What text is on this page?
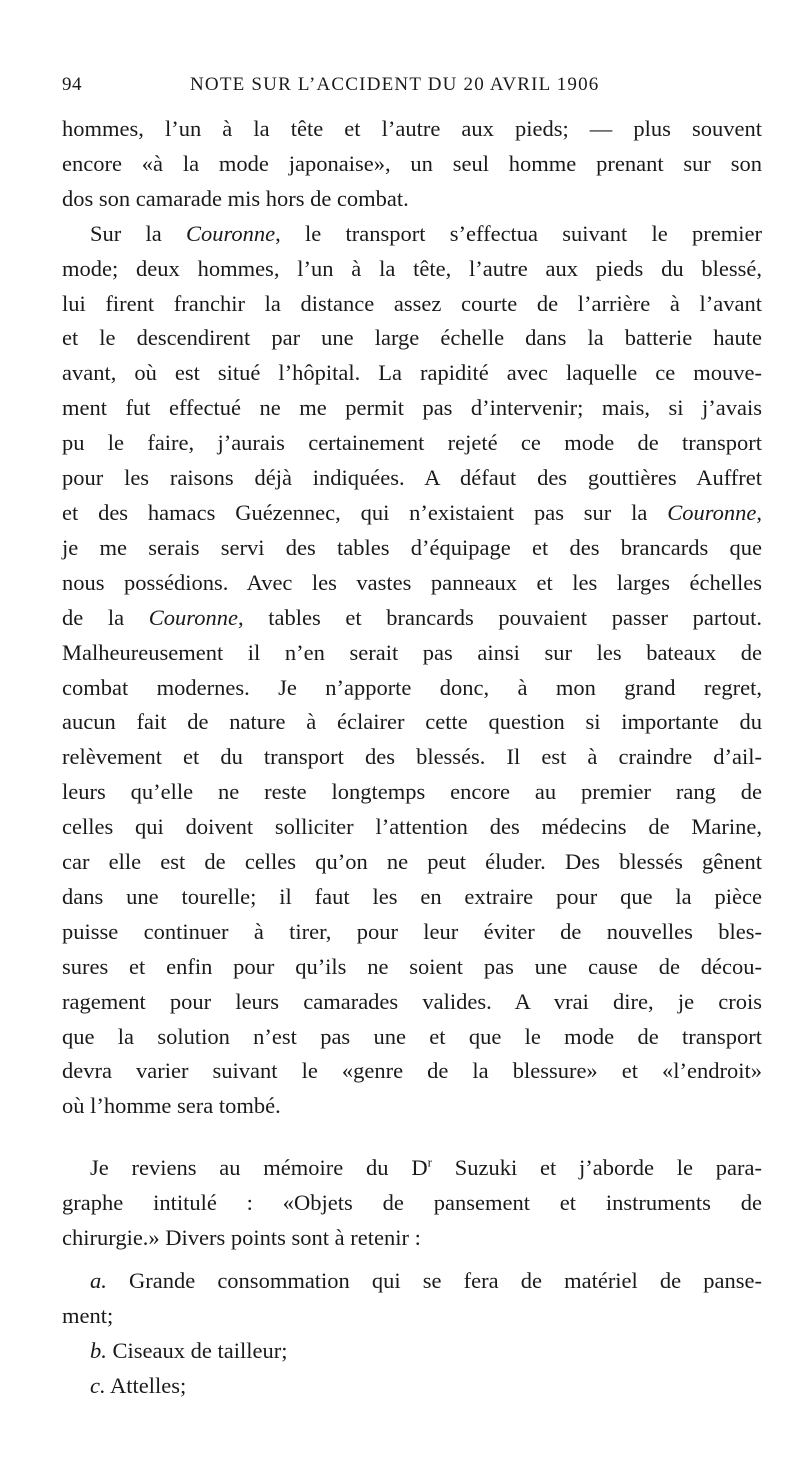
94	NOTE SUR L’ACCIDENT DU 20 AVRIL 1906

hommes, l’un à la tête et l’autre aux pieds; — plus souvent
encore «à la mode japonaise», un seul homme prenant sur son
dos son camarade mis hors de combat.

Sur la Couronne, le transport s’effectua suivant le premier
mode; deux hommes, l’un à la tête, l’autre aux pieds du blessé,
lui firent franchir la distance assez courte de l’arrière à l’avant
et le descendirent par une large échelle dans la batterie haute
avant, où est situé l’hôpital. La rapidité avec laquelle ce mouve-
ment fut effectué ne me permit pas d’intervenir; mais, si j’avais
pu le faire, j’aurais certainement rejeté ce mode de transport
pour les raisons déjà indiquées. A défaut des gouttières Auffret
et des hamacs Guézennec, qui n’existaient pas sur la Couronne,
je me serais servi des tables d’équipage et des brancards que
nous possédions. Avec les vastes panneaux et les larges échelles
de la Couronne, tables et brancards pouvaient passer partout.
Malheureusement il n’en serait pas ainsi sur les bateaux de
combat modernes. Je n’apporte donc, à mon grand regret,
aucun fait de nature à éclairer cette question si importante du
relèvement et du transport des blessés. Il est à craindre d’ail-
leurs qu’elle ne reste longtemps encore au premier rang de
celles qui doivent solliciter l’attention des médecins de Marine,
car elle est de celles qu’on ne peut éluder. Des blessés gênent
dans une tourelle; il faut les en extraire pour que la pièce
puisse continuer à tirer, pour leur éviter de nouvelles bles-
sures et enfin pour qu’ils ne soient pas une cause de décou-
ragement pour leurs camarades valides. A vrai dire, je crois
que la solution n’est pas une et que le mode de transport
devra varier suivant le «genre de la blessure» et «l’endroit»
où l’homme sera tombé.

Je reviens au mémoire du $D^r$ Suzuki et j’aborde le para-
graphe intitulé : «Objets de pansement et instruments de
chirurgie.» Divers points sont à retenir :

a. Grande consommation qui se fera de matériel de panse-
ment;

b. Ciseaux de tailleur;

c. Attelles;
